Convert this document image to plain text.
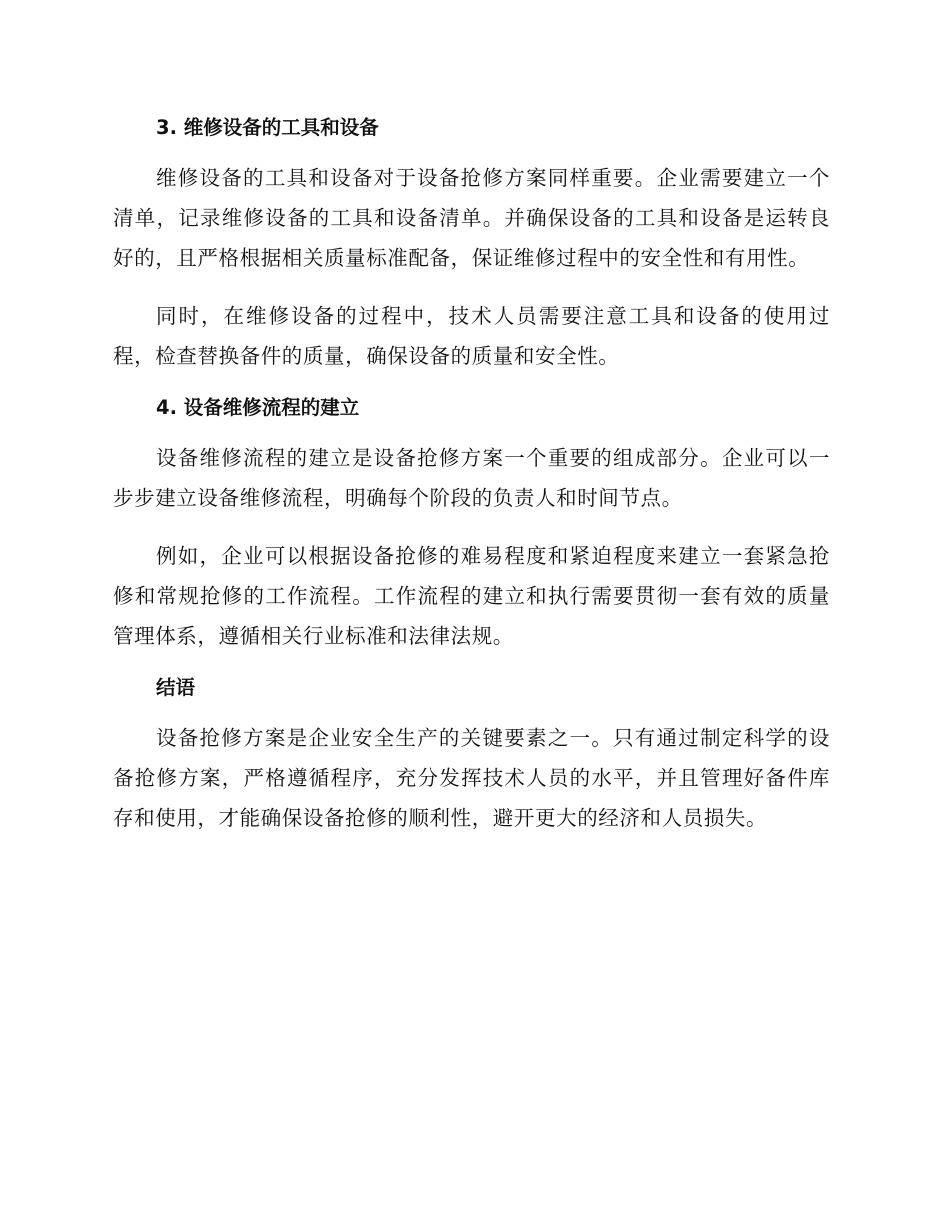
3. 维修设备的工具和设备

维修设备的工具和设备对于设备抢修方案同样重要。企业需要建立一个清单，记录维修设备的工具和设备清单。并确保设备的工具和设备是运转良好的，且严格根据相关质量标准配备，保证维修过程中的安全性和有用性。

同时，在维修设备的过程中，技术人员需要注意工具和设备的使用过程，检查替换备件的质量，确保设备的质量和安全性。

4. 设备维修流程的建立

设备维修流程的建立是设备抢修方案一个重要的组成部分。企业可以一步步建立设备维修流程，明确每个阶段的负责人和时间节点。

例如，企业可以根据设备抢修的难易程度和紧迫程度来建立一套紧急抢修和常规抢修的工作流程。工作流程的建立和执行需要贯彻一套有效的质量管理体系，遵循相关行业标准和法律法规。

结语

设备抢修方案是企业安全生产的关键要素之一。只有通过制定科学的设备抢修方案，严格遵循程序，充分发挥技术人员的水平，并且管理好备件库存和使用，才能确保设备抢修的顺利性，避开更大的经济和人员损失。
